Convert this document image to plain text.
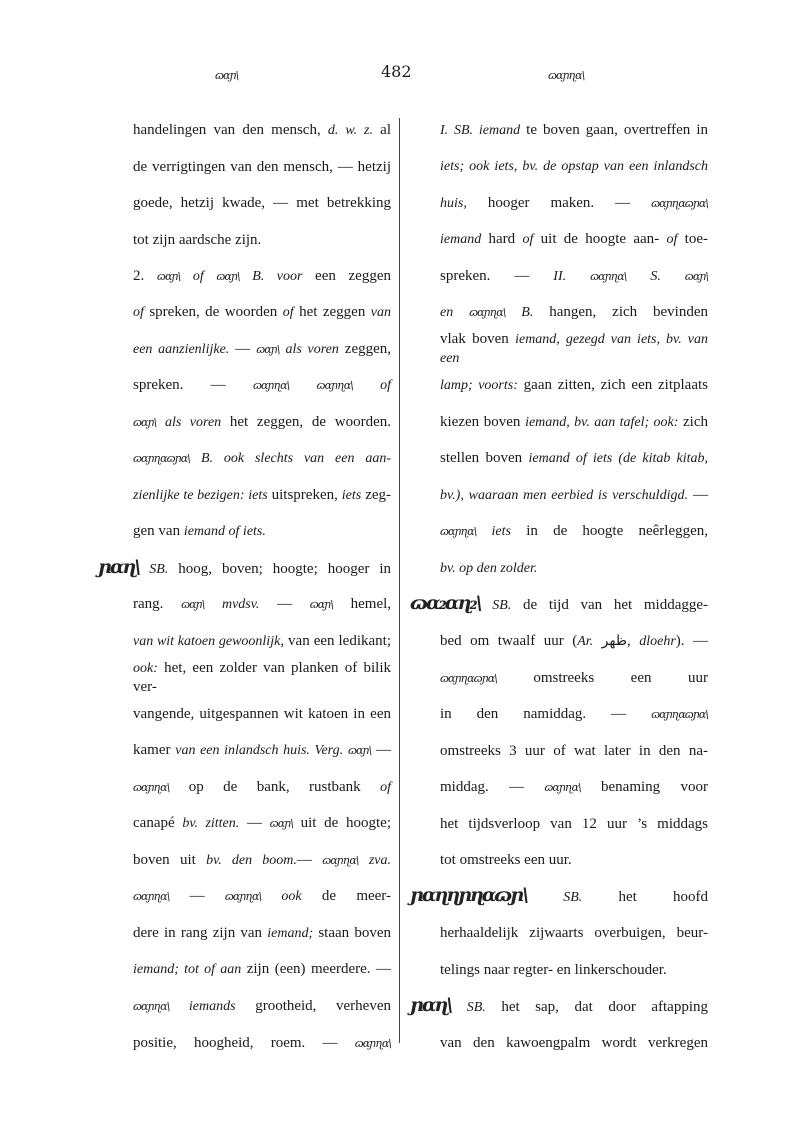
ɷɑɲ\
482
ɷɑɲɳɑ\
handelingen van den mensch, d. w. z. al
de verrigtingen van den mensch, — hetzij
goede, hetzij kwade, — met betrekking
tot zijn aardsche zijn.
2. ɷɑɲ\	of ɷɑɲ\	B. voor een zeggen
of spreken, de woorden of het zeggen van
een aanzienlijke. — ɷɑɲ\ als voren zeggen,
spreken. — ɷɑɲɳɑ\ ɷɑɲɳɑ\	of
ɷɑɲ\ als voren het zeggen, de woorden.
ɷɑɲɳɑɷɲɑ\ B. ook slechts van een aan-
zienlijke te bezigen: iets uitspreken, iets zeg-
gen van iemand of iets.
ɲɑɳ\ SB. hoog, boven; hoogte; hooger in
rang. ɷɑɲ\	mvdsv. — ɷɑɲ\ hemel,
van wit katoen gewoonlijk, van een ledikant;
ook: het, een zolder van planken of bilik ver-
vangende, uitgespannen wit katoen in een
kamer van een inlandsch huis. Verg. ɷɑɲ\ —
ɷɑɲɳɑ\ op de bank, rustbank of
canapé bv. zitten. — ɷɑɲ\ uit de hoogte;
boven uit bv. den boom.— ɷɑɲɳɑ\	zva.
ɷɑɲɳɑ\ — ɷɑɲɳɑ\	ook de meer-
dere in rang zijn van iemand; staan boven
iemand; tot of aan zijn (een) meerdere. —
ɷɑɲɳɑ\ iemands grootheid, verheven
positie, hoogheid, roem. — ɷɑɲɳɑ\
I. SB. iemand te boven gaan, overtreffen in
iets; ook iets, bv. de opstap van een inlandsch
huis, hooger maken. — ɷɑɲɳɑɷɲɑ\
iemand hard of uit de hoogte aan- of toe-
spreken. — II. ɷɑɲɳɑ\	S. ɷɑɲ\
en ɷɑɲɳɑ\	B. hangen, zich bevinden
vlak boven iemand, gezegd van iets, bv. van een
lamp; voorts: gaan zitten, zich een zitplaats
kiezen boven iemand, bv. aan tafel; ook: zich
stellen boven iemand of iets (de kitab kitab,
bv.), waaraan men eerbied is verschuldigd. —
ɷɑɲɳɑ\ iets in de hoogte neêrleggen,
bv. op den zolder.
ɷɑ₂ɑɳ₂\ SB. de tijd van het middagge-
bed om twaalf uur (Ar. ظهر, dloehr). —
ɷɑɲɳɑɷɲɑ\ omstreeks een uur
in den namiddag. — ɷɑɲɳɑɷɲɑ\
omstreeks 3 uur of wat later in den na-
middag. — ɷɑɲɳɑ\ benaming voor
het tijdsverloop van 12 uur ’s middags
tot omstreeks een uur.
ɲɑɳɳɲɳɑɷɲ\ SB. het hoofd
herhaaldelijk zijwaarts overbuigen, beur-
telings naar regter- en linkerschouder.
ɲɑɳ\ SB. het sap, dat door aftapping
van den kawoengpalm wordt verkregen
